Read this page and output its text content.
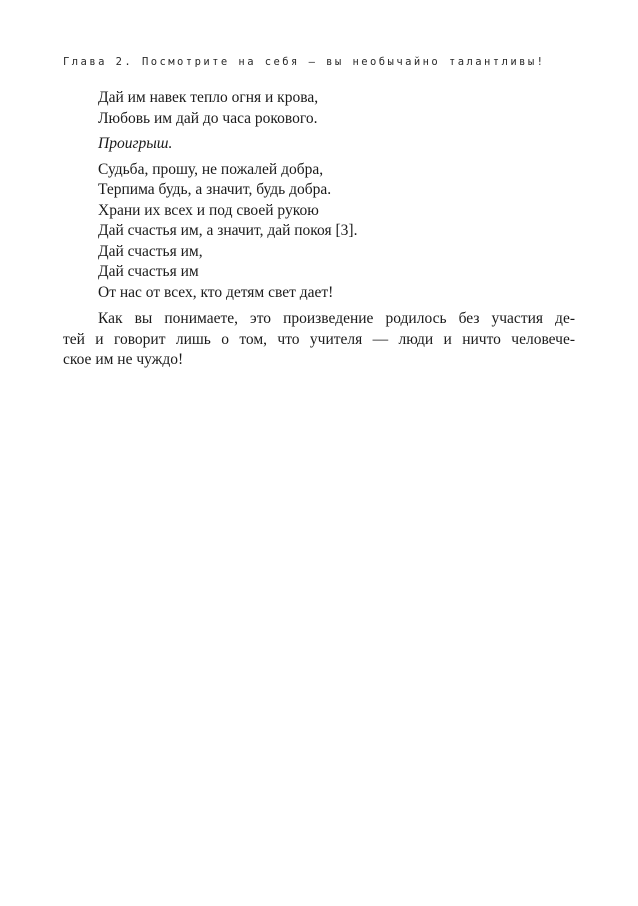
Глава 2. Посмотрите на себя — вы необычайно талантливы!
Дай им навек тепло огня и крова,
Любовь им дай до часа рокового.
Проигрыш.
Судьба, прошу, не пожалей добра,
Терпима будь, а значит, будь добра.
Храни их всех и под своей рукою
Дай счастья им, а значит, дай покоя [3].
Дай счастья им,
Дай счастья им
От нас от всех, кто детям свет дает!
Как вы понимаете, это произведение родилось без участия де-
тей и говорит лишь о том, что учителя — люди и ничто человече-
ское им не чуждо!
